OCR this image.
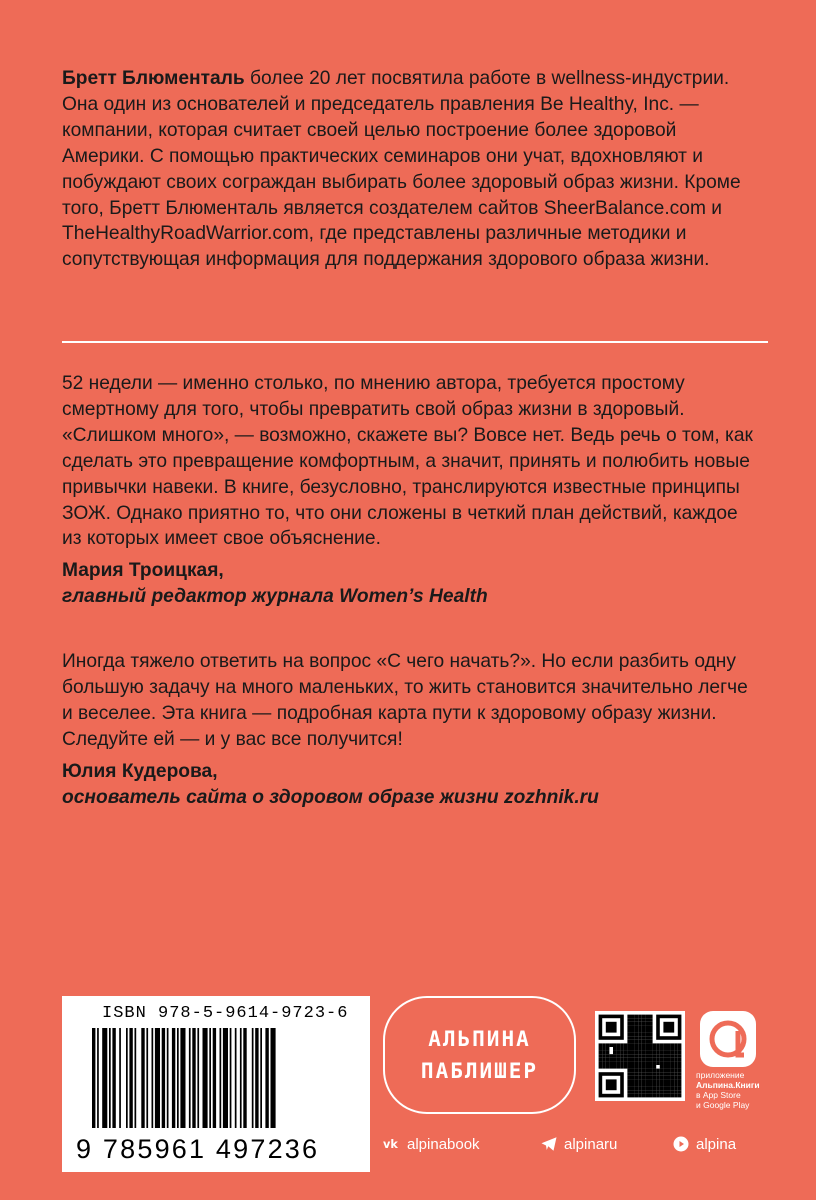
Бретт Блюменталь более 20 лет посвятила работе в wellness-индустрии. Она один из основателей и председатель правления Be Healthy, Inc. — компании, которая считает своей целью построение более здоровой Америки. С помощью практических семинаров они учат, вдохновляют и побуждают своих сограждан выбирать более здоровый образ жизни. Кроме того, Бретт Блюменталь является создателем сайтов SheerBalance.com и TheHealthyRoadWarrior.com, где представлены различные методики и сопутствующая информация для поддержания здорового образа жизни.

52 недели — именно столько, по мнению автора, требуется простому смертному для того, чтобы превратить свой образ жизни в здоровый. «Слишком много», — возможно, скажете вы? Вовсе нет. Ведь речь о том, как сделать это превращение комфортным, а значит, принять и полюбить новые привычки навеки. В книге, безусловно, транслируются известные принципы ЗОЖ. Однако приятно то, что они сложены в четкий план действий, каждое из которых имеет свое объяснение.
Мария Троицкая,
главный редактор журнала Women’s Health
Иногда тяжело ответить на вопрос «С чего начать?». Но если разбить одну большую задачу на много маленьких, то жить становится значительно легче и веселее. Эта книга — подробная карта пути к здоровому образу жизни. Следуйте ей — и у вас все получится!
Юлия Кудерова,
основатель сайта о здоровом образе жизни zozhnik.ru
ISBN 978-5-9614-9723-6
9 785961 497236
АЛЬПИНА
ПАБЛИШЕР	приложение
Альпина.Книги
в App Store
и Google Play
vk alpinabook	alpinaru	alpina
